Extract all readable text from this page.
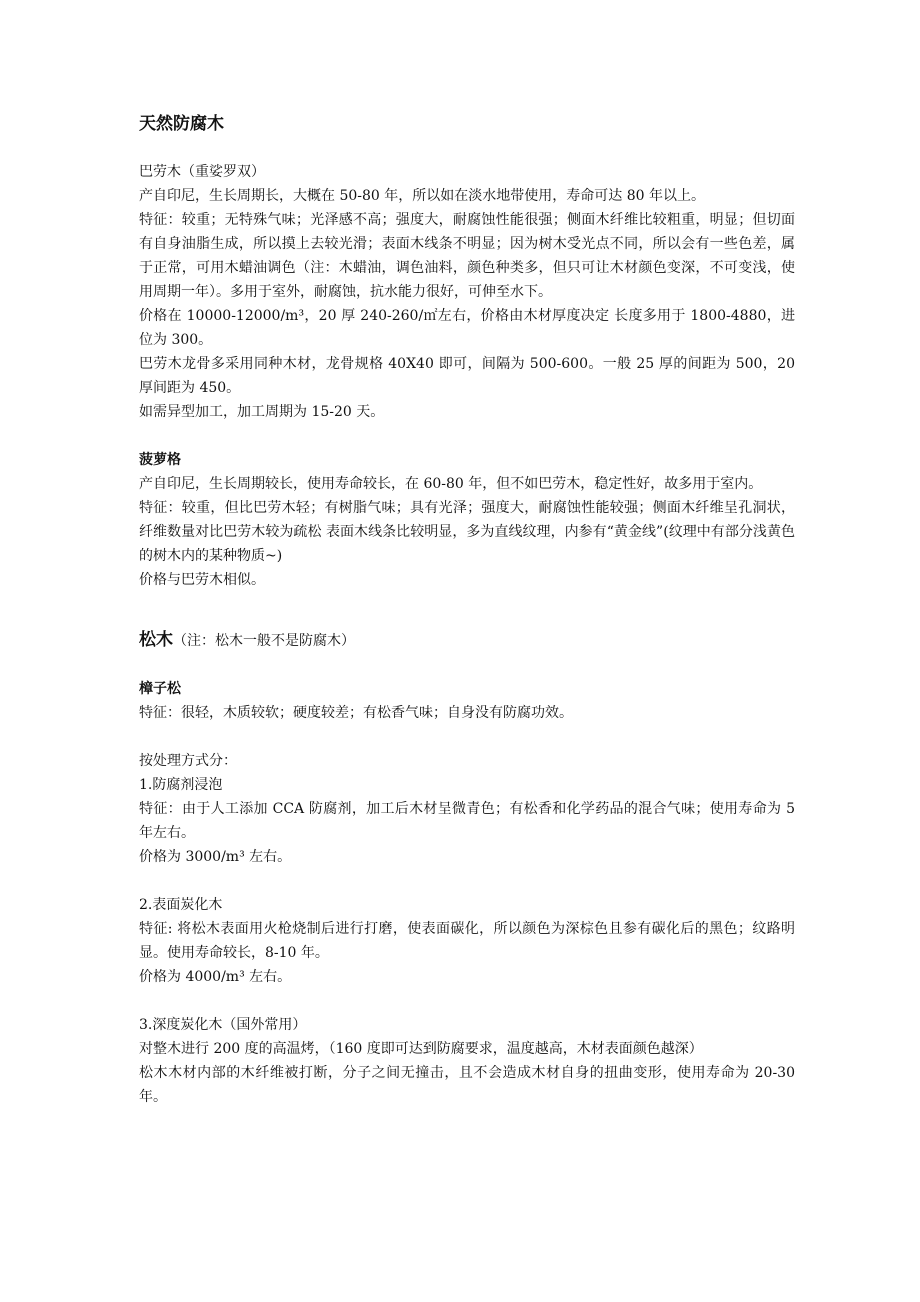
天然防腐木
巴劳木（重娑罗双）
产自印尼，生长周期长，大概在 50-80 年，所以如在淡水地带使用，寿命可达 80 年以上。
特征：较重；无特殊气味；光泽感不高；强度大，耐腐蚀性能很强；侧面木纤维比较粗重，明显；但切面有自身油脂生成，所以摸上去较光滑；表面木线条不明显；因为树木受光点不同，所以会有一些色差，属于正常，可用木蜡油调色（注：木蜡油，调色油料，颜色种类多，但只可让木材颜色变深，不可变浅，使用周期一年）。多用于室外，耐腐蚀，抗水能力很好，可伸至水下。
价格在 10000-12000/m³，20 厚 240-260/㎡左右，价格由木材厚度决定 长度多用于 1800-4880，进位为 300。
巴劳木龙骨多采用同种木材，龙骨规格 40X40 即可，间隔为 500-600。一般 25 厚的间距为 500，20 厚间距为 450。
如需异型加工，加工周期为 15-20 天。
菠萝格
产自印尼，生长周期较长，使用寿命较长，在 60-80 年，但不如巴劳木，稳定性好，故多用于室内。
特征：较重，但比巴劳木轻；有树脂气味；具有光泽；强度大，耐腐蚀性能较强；侧面木纤维呈孔洞状，纤维数量对比巴劳木较为疏松 表面木线条比较明显，多为直线纹理，内参有“黄金线”(纹理中有部分浅黄色的树木内的某种物质~)
价格与巴劳木相似。
松木（注：松木一般不是防腐木）
樟子松
特征：很轻，木质较软；硬度较差；有松香气味；自身没有防腐功效。
按处理方式分：
1.防腐剂浸泡
特征：由于人工添加 CCA 防腐剂，加工后木材呈微青色；有松香和化学药品的混合气味；使用寿命为 5 年左右。
价格为 3000/m³ 左右。
2.表面炭化木
特征: 将松木表面用火枪烧制后进行打磨，使表面碳化，所以颜色为深棕色且参有碳化后的黑色；纹路明显。使用寿命较长，8-10 年。
价格为 4000/m³ 左右。
3.深度炭化木（国外常用）
对整木进行 200 度的高温烤，（160 度即可达到防腐要求，温度越高，木材表面颜色越深）
松木木材内部的木纤维被打断，分子之间无撞击，且不会造成木材自身的扭曲变形，使用寿命为 20-30 年。
